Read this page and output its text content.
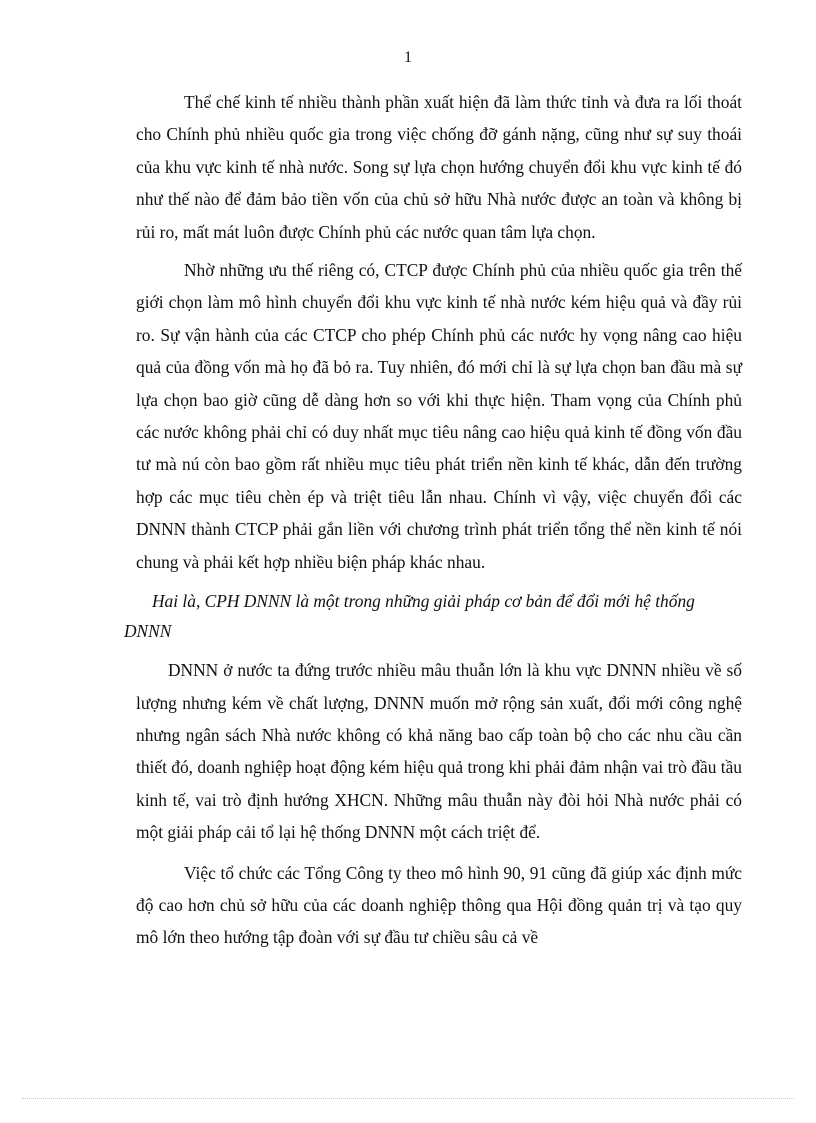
1

Thể chế kinh tế nhiều thành phần xuất hiện đã làm thức tỉnh và đưa ra lối thoát cho Chính phủ nhiều quốc gia trong việc chống đỡ gánh nặng, cũng như sự suy thoái của khu vực kinh tế nhà nước. Song sự lựa chọn hướng chuyển đổi khu vực kinh tế đó như thế nào để đảm bảo tiền vốn của chủ sở hữu Nhà nước được an toàn và không bị rủi ro, mất mát luôn được Chính phủ các nước quan tâm lựa chọn.

Nhờ những ưu thế riêng có, CTCP được Chính phủ của nhiều quốc gia trên thế giới chọn làm mô hình chuyển đổi khu vực kinh tế nhà nước kém hiệu quả và đầy rủi ro. Sự vận hành của các CTCP cho phép Chính phủ các nước hy vọng nâng cao hiệu quả của đồng vốn mà họ đã bỏ ra. Tuy nhiên, đó mới chỉ là sự lựa chọn ban đầu mà sự lựa chọn bao giờ cũng dễ dàng hơn so với khi thực hiện. Tham vọng của Chính phủ các nước không phải chỉ có duy nhất mục tiêu nâng cao hiệu quả kinh tế đồng vốn đầu tư mà nú còn bao gồm rất nhiều mục tiêu phát triển nền kinh tế khác, dẫn đến trường hợp các mục tiêu chèn ép và triệt tiêu lẫn nhau. Chính vì vậy, việc chuyển đổi các DNNN thành CTCP phải gắn liền với chương trình phát triển tổng thể nền kinh tế nói chung và phải kết hợp nhiều biện pháp khác nhau.

Hai là, CPH DNNN là một trong những giải pháp cơ bản để đổi mới hệ thống DNNN

DNNN ở nước ta đứng trước nhiều mâu thuẫn lớn là khu vực DNNN nhiều về số lượng nhưng kém về chất lượng, DNNN muốn mở rộng sản xuất, đổi mới công nghệ nhưng ngân sách Nhà nước không có khả năng bao cấp toàn bộ cho các nhu cầu cần thiết đó, doanh nghiệp hoạt động kém hiệu quả trong khi phải đảm nhận vai trò đầu tầu kinh tế, vai trò định hướng XHCN. Những mâu thuẫn này đòi hỏi Nhà nước phải có một giải pháp cải tổ lại hệ thống DNNN một cách triệt để.

Việc tổ chức các Tổng Công ty theo mô hình 90, 91 cũng đã giúp xác định mức độ cao hơn chủ sở hữu của các doanh nghiệp thông qua Hội đồng quản trị và tạo quy mô lớn theo hướng tập đoàn với sự đầu tư chiều sâu cả về
